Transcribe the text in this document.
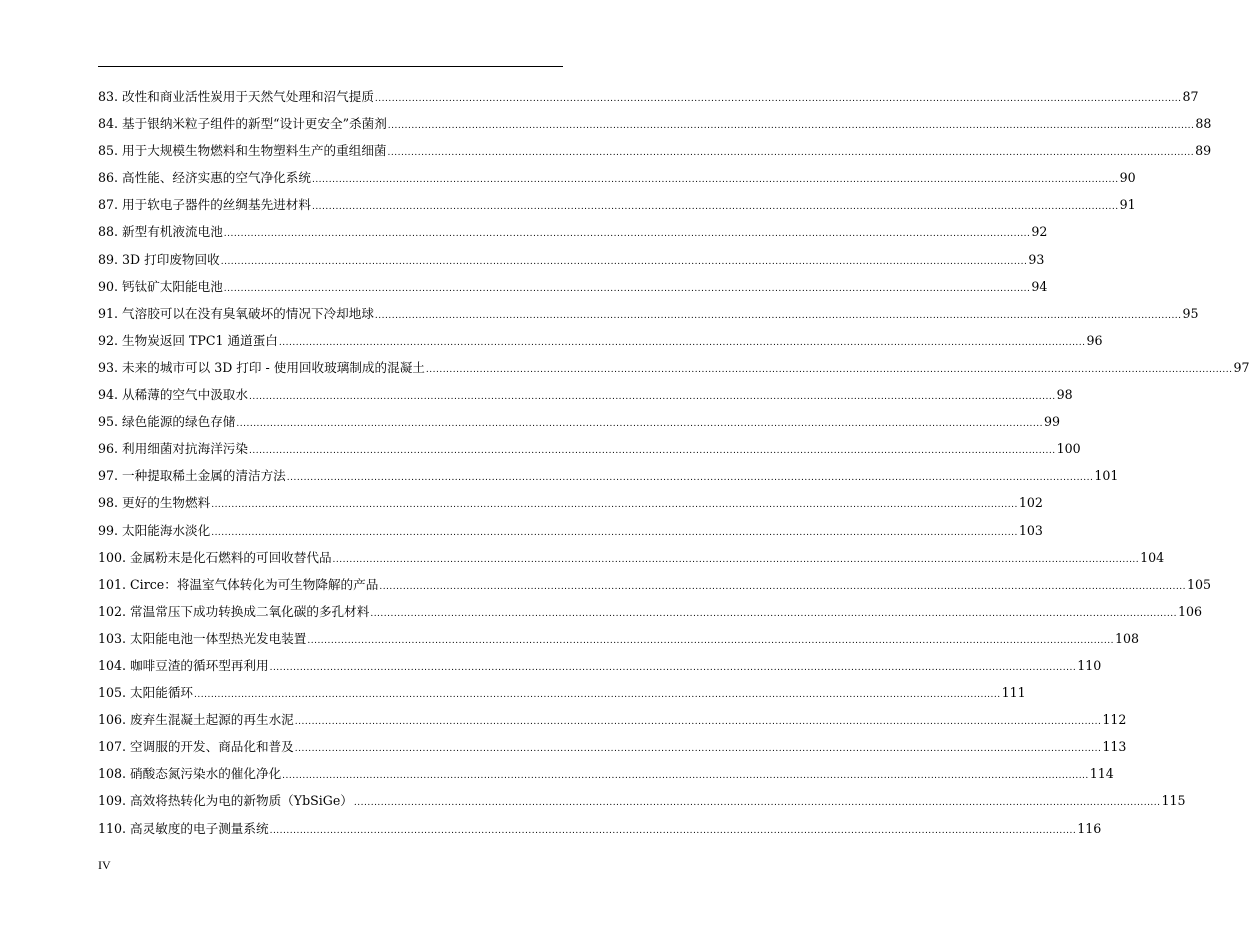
83. 改性和商业活性炭用于天然气处理和沼气提质 .....	87
84. 基于银纳米粒子组件的新型“设计更安全”杀菌剂 .....	88
85. 用于大规模生物燃料和生物塑料生产的重组细菌 .....	89
86. 高性能、经济实惠的空气净化系统 .....	90
87. 用于软电子器件的丝绸基先进材料 .....	91
88. 新型有机液流电池 .....	92
89. 3D 打印废物回收 .....	93
90. 钙钛矿太阳能电池 .....	94
91. 气溶胶可以在没有臭氧破坏的情况下冷却地球 .....	95
92. 生物炭返回 TPC1 通道蛋白 .....	96
93. 未来的城市可以 3D 打印 - 使用回收玻璃制成的混凝土 .....	97
94. 从稀薄的空气中汲取水 .....	98
95. 绿色能源的绿色存储 .....	99
96. 利用细菌对抗海洋污染 .....	100
97. 一种提取稀土金属的清洁方法 .....	101
98. 更好的生物燃料 .....	102
99. 太阳能海水淡化 .....	103
100. 金属粉末是化石燃料的可回收替代品 .....	104
101. Circe：将温室气体转化为可生物降解的产品 .....	105
102. 常温常压下成功转换成二氧化碳的多孔材料 .....	106
103. 太阳能电池一体型热光发电装置 .....	108
104. 咖啡豆渣的循环型再利用 .....	110
105. 太阳能循环 .....	111
106. 废弃生混凝土起源的再生水泥 .....	112
107. 空调服的开发、商品化和普及 .....	113
108. 硝酸态氮污染水的催化净化 .....	114
109. 高效将热转化为电的新物质（YbSiGe） .....	115
110. 高灵敏度的电子测量系统 .....	116
IV
